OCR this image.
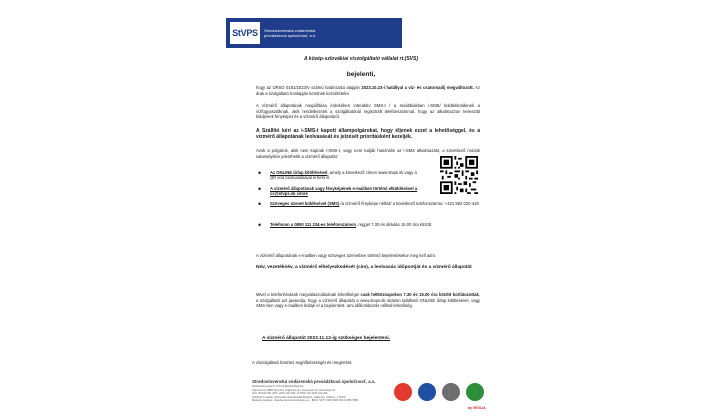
StVPS	Stredoslovenská vodárenská
prevádzková spoločnosť, a.s.
A közép-szlovákiai víszolgáltató vállalat rt.(SVS)
bejelenti,
hogy az ÚRSO 0181/2023/V számú határozata alapján 2023.10.23-i hatállyal a víz- és csatornadíj megváltozott. Az árak a szolgáltató honlapján kerülnek közzétételre.
A vízmérő állapotának megállítása érdekében interaktív SMS-t / a továbbiakban i-SMS/ küldtekküldenek a vízfogyasztóknak, akik rendelkeznek a szolgáltatónál regisztrált telefonszámmal, hogy az alkalmazzon keresztül küldjenek fényképet és a vízmérő állapotáról.
A Szállító kéri az i-SMS-t kapott állampolgárokat, hogy éljenek ezzel a lehetőséggel, és a vízmérő állapotának leolvasását és jelzését prioritásként kezeljék.
Azok a polgárok, akik nem kapnak i-SMS-t, vagy nem tudják használni az i-SMS alkalmazást, a következő módok valamelyikén jelenthetik a vízmérő állapotát:
• Az ONLINE űrlap kitöltésével, amely a következő címen www.stvps.sk vagy a QR kód beolvasásával érhető el
• A vízmérő állapotának vagy fényképének e-mailben történő elküldésével a cc@stvps.sk címre
• Szöveges üzenet küldésével (SMS) /a vízmérő fényképe nélkül/ a következő telefonszámra: +421 902 020 419
• Telefonon a 0850 111 234-es telefonszámon, reggel 7.30 és délután 15.00 óra között.
A vízmérő állapotának e-mailben vagy szöveges üzenetben történő bejelentésekor meg kell adni:
Név, vezetéknév, a vízmérő elhelyezkedését (cím), a leolvasás időpontját és a vízmérő állapotát
Mivel a telefonhívások megválaszolásának lehetőségei csak hétköznapokon 7.30 és 15.00 óra között korlátozottak, a szolgáltató azt javasolja, hogy a vízmérő állapotát a www.stvps.sk oldalon található ONLINE űrlap kitöltésével, vagy SMS-ben vagy e-mailben küldje el a bejelentést, ami időkorlátozás nélküli lehetőség.
A vízmérő állapotát 2023.11.12-ig szükséges bejelenteni.
A víszolgáltató köszöni segítőkészségét és megértést.
Stredoslovenská vodárenská prevádzková spoločnosť, a.s.
Partizánska cesta 5, 974 01 Banská Bystrica
Call centrum 0850 111 234 | cc@stvps.sk | www.stvps.sk | www.stvps.sk
IČO: 36 644 030 | DIČ: 2022 102 236 | IČ DPH: SK 2022 102 236
Obchodný register Okresného súdu Banská Bystrica, oddiel Sa, vložka č. 1 027/S
Bankové spojenie: Všeobecná úverová banka, a.s., IBAN: SK77 0200 0000 0012 3456 7890
by VEOLIA
